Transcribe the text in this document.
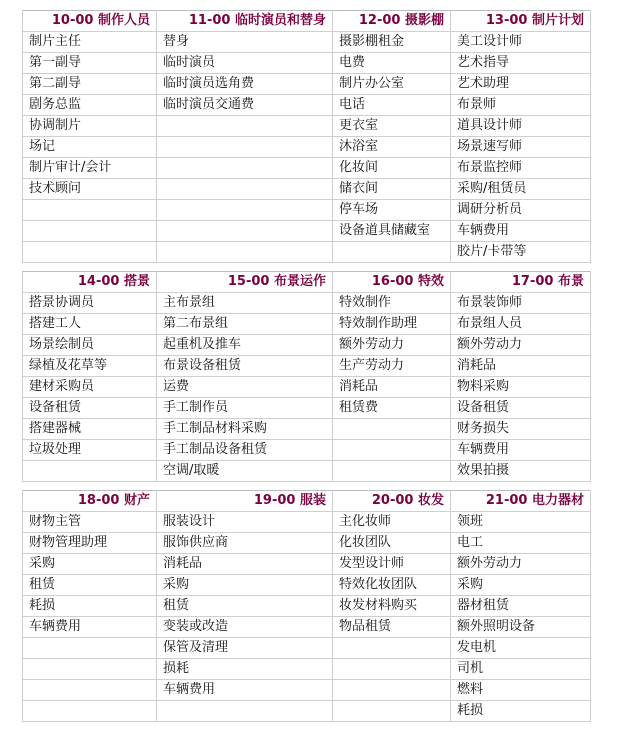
10-00 制作人员	11-00 临时演员和替身	12-00 摄影棚	13-00 制片计划
制片主任	替身	摄影棚租金	美工设计师
第一副导	临时演员	电费	艺术指导
第二副导	临时演员选角费	制片办公室	艺术助理
剧务总监	临时演员交通费	电话	布景师
协调制片		更衣室	道具设计师
场记		沐浴室	场景速写师
制片审计/会计		化妆间	布景监控师
技术顾问		储衣间	采购/租赁员
		停车场	调研分析员
		设备道具储藏室	车辆费用
			胶片/卡带等
14-00 搭景	15-00 布景运作	16-00 特效	17-00 布景
搭景协调员	主布景组	特效制作	布景装饰师
搭建工人	第二布景组	特效制作助理	布景组人员
场景绘制员	起重机及推车	额外劳动力	额外劳动力
绿植及花草等	布景设备租赁	生产劳动力	消耗品
建材采购员	运费	消耗品	物料采购
设备租赁	手工制作员	租赁费	设备租赁
搭建器械	手工制品材料采购		财务损失
垃圾处理	手工制品设备租赁		车辆费用
	空调/取暖		效果拍摄
18-00 财产	19-00 服装	20-00 妆发	21-00 电力器材
财物主管	服装设计	主化妆师	领班
财物管理助理	服饰供应商	化妆团队	电工
采购	消耗品	发型设计师	额外劳动力
租赁	采购	特效化妆团队	采购
耗损	租赁	妆发材料购买	器材租赁
车辆费用	变装或改造	物品租赁	额外照明设备
	保管及清理		发电机
	损耗		司机
	车辆费用		燃料
			耗损
